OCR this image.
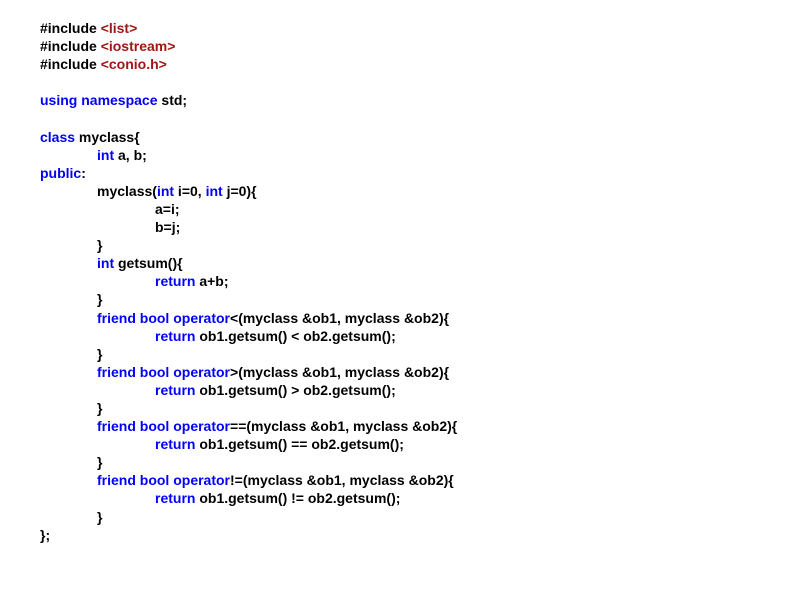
#include <list>
#include <iostream>
#include <conio.h>

using namespace std;

class myclass{
int a, b;
public:
myclass(int i=0, int j=0){
a=i;
b=j;
}
int getsum(){
return a+b;
}
friend bool operator<(myclass &ob1, myclass &ob2){
return ob1.getsum() < ob2.getsum();
}
friend bool operator>(myclass &ob1, myclass &ob2){
return ob1.getsum() > ob2.getsum();
}
friend bool operator==(myclass &ob1, myclass &ob2){
return ob1.getsum() == ob2.getsum();
}
friend bool operator!=(myclass &ob1, myclass &ob2){
return ob1.getsum() != ob2.getsum();
}
};
